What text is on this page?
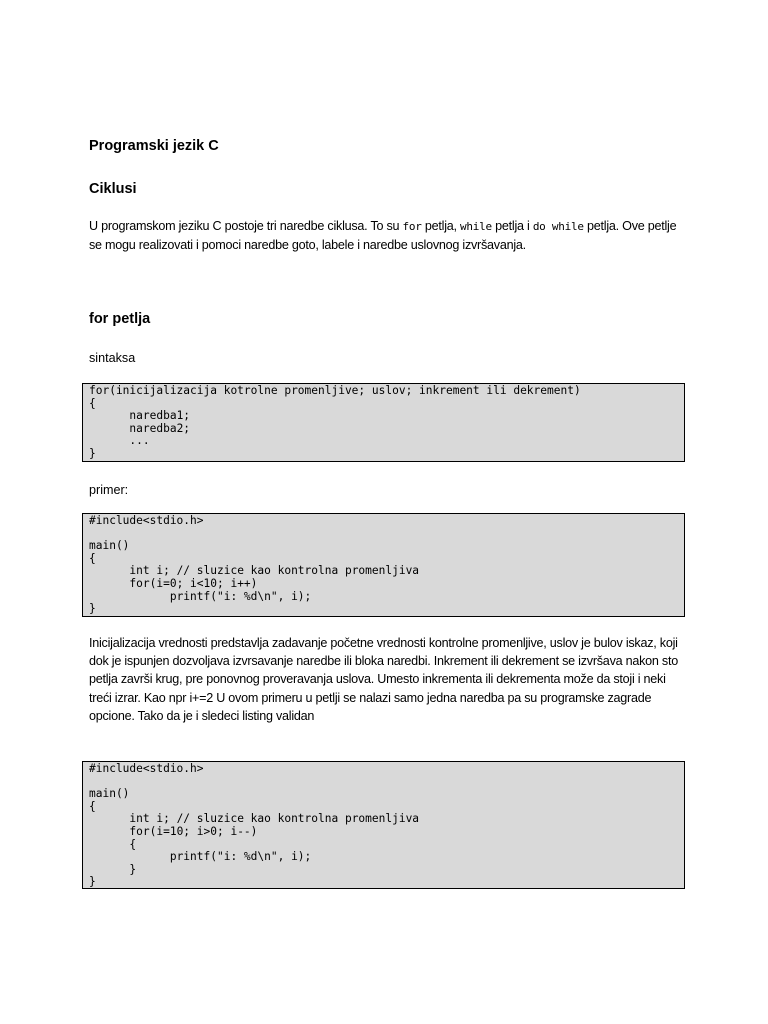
Programski jezik C
Ciklusi
U programskom jeziku C postoje tri naredbe ciklusa. To su for petlja, while petlja i do while petlja. Ove petlje se mogu realizovati i pomoci naredbe goto, labele i naredbe uslovnog izvršavanja.
for petlja
sintaksa
for(inicijalizacija kotrolne promenljive; uslov; inkrement ili dekrement)
{
	naredba1;
	naredba2;
	...
}
primer:
#include<stdio.h>

main()
{
	int i; // sluzice kao kontrolna promenljiva
	for(i=0; i<10; i++)
		printf("i: %d\n", i);
}
Inicijalizacija vrednosti predstavlja zadavanje početne vrednosti kontrolne promenljive, uslov je bulov iskaz, koji dok je ispunjen dozvoljava izvrsavanje naredbe ili bloka naredbi. Inkrement ili dekrement se izvršava nakon sto petlja završi krug, pre ponovnog proveravanja uslova. Umesto inkrementa ili dekrementa može da stoji i neki treći izrar. Kao npr i+=2 U ovom primeru u petlji se nalazi samo jedna naredba pa su programske zagrade opcione. Tako da je i sledeci listing validan
#include<stdio.h>

main()
{
	int i; // sluzice kao kontrolna promenljiva
	for(i=10; i>0; i--)
	{
		printf("i: %d\n", i);
	}
}
